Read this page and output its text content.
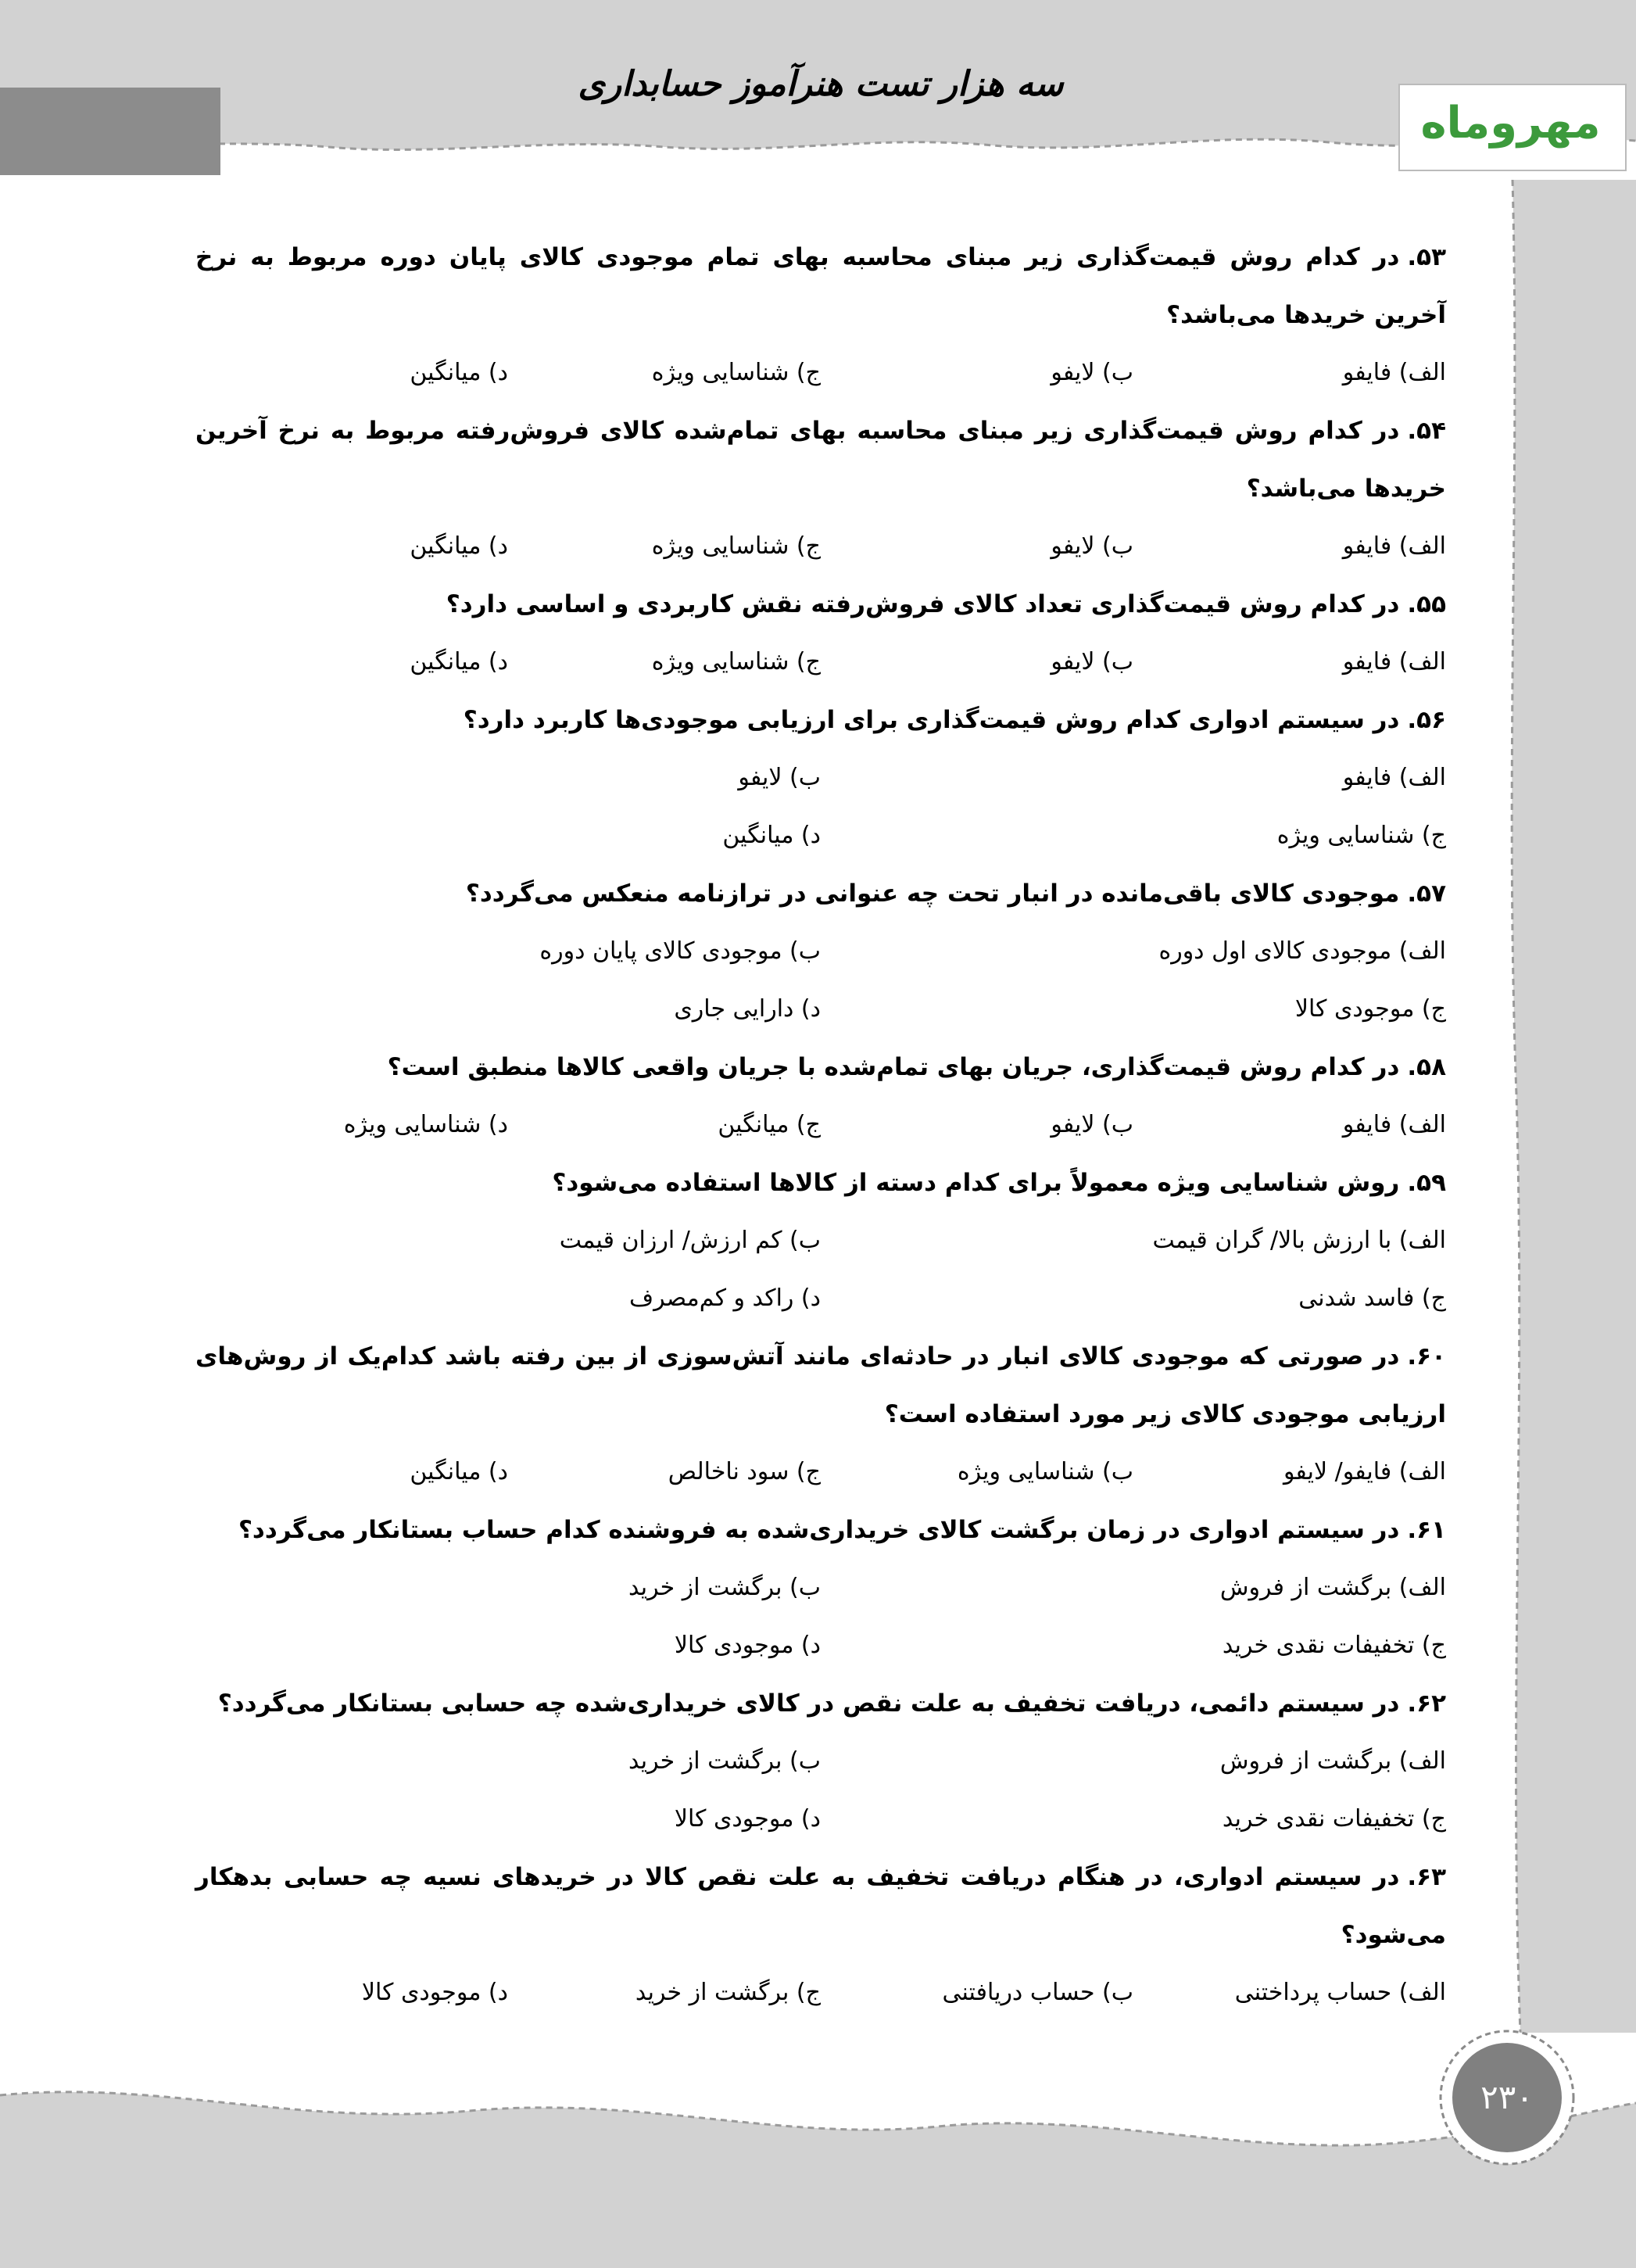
سه هزار تست هنرآموز حسابداری
مهروماه
۵۳.در کدام روش قیمت‌گذاری زیر مبنای محاسبه بهای تمام موجودی کالای پایان دوره مربوط به نرخ آخرین خریدها می‌باشد؟
الف) فایفو
ب) لایفو
ج) شناسایی ویژه
د) میانگین
۵۴.در کدام روش قیمت‌گذاری زیر مبنای محاسبه بهای تمام‌شده کالای فروش‌رفته مربوط به نرخ آخرین خریدها می‌باشد؟
الف) فایفو
ب) لایفو
ج) شناسایی ویژه
د) میانگین
۵۵.در کدام روش قیمت‌گذاری تعداد کالای فروش‌رفته نقش کاربردی و اساسی دارد؟
الف) فایفو
ب) لایفو
ج) شناسایی ویژه
د) میانگین
۵۶.در سیستم ادواری کدام روش قیمت‌گذاری برای ارزیابی موجودی‌ها کاربرد دارد؟
الف) فایفو
ب) لایفو
ج) شناسایی ویژه
د) میانگین
۵۷.موجودی کالای باقی‌مانده در انبار تحت چه عنوانی در ترازنامه منعکس می‌گردد؟
الف) موجودی کالای اول دوره
ب) موجودی کالای پایان دوره
ج) موجودی کالا
د) دارایی جاری
۵۸.در کدام روش قیمت‌گذاری، جریان بهای تمام‌شده با جریان واقعی کالاها منطبق است؟
الف) فایفو
ب) لایفو
ج) میانگین
د) شناسایی ویژه
۵۹.روش شناسایی ویژه معمولاً برای کدام دسته از کالاها استفاده می‌شود؟
الف) با ارزش بالا/ گران قیمت
ب) کم ارزش/ ارزان قیمت
ج) فاسد شدنی
د) راکد و کم‌مصرف
۶۰.در صورتی که موجودی کالای انبار در حادثه‌ای مانند آتش‌سوزی از بین رفته باشد کدام‌یک از روش‌های ارزیابی موجودی کالای زیر مورد استفاده است؟
الف) فایفو/ لایفو
ب) شناسایی ویژه
ج) سود ناخالص
د) میانگین
۶۱.در سیستم ادواری در زمان برگشت کالای خریداری‌شده به فروشنده کدام حساب بستانکار می‌گردد؟
الف) برگشت از فروش
ب) برگشت از خرید
ج) تخفیفات نقدی خرید
د) موجودی کالا
۶۲.در سیستم دائمی، دریافت تخفیف به علت نقص در کالای خریداری‌شده چه حسابی بستانکار می‌گردد؟
الف) برگشت از فروش
ب) برگشت از خرید
ج) تخفیفات نقدی خرید
د) موجودی کالا
۶۳.در سیستم ادواری، در هنگام دریافت تخفیف به علت نقص کالا در خریدهای نسیه چه حسابی بدهکار می‌شود؟
الف) حساب پرداختنی
ب) حساب دریافتنی
ج) برگشت از خرید
د) موجودی کالا
۲۳۰
